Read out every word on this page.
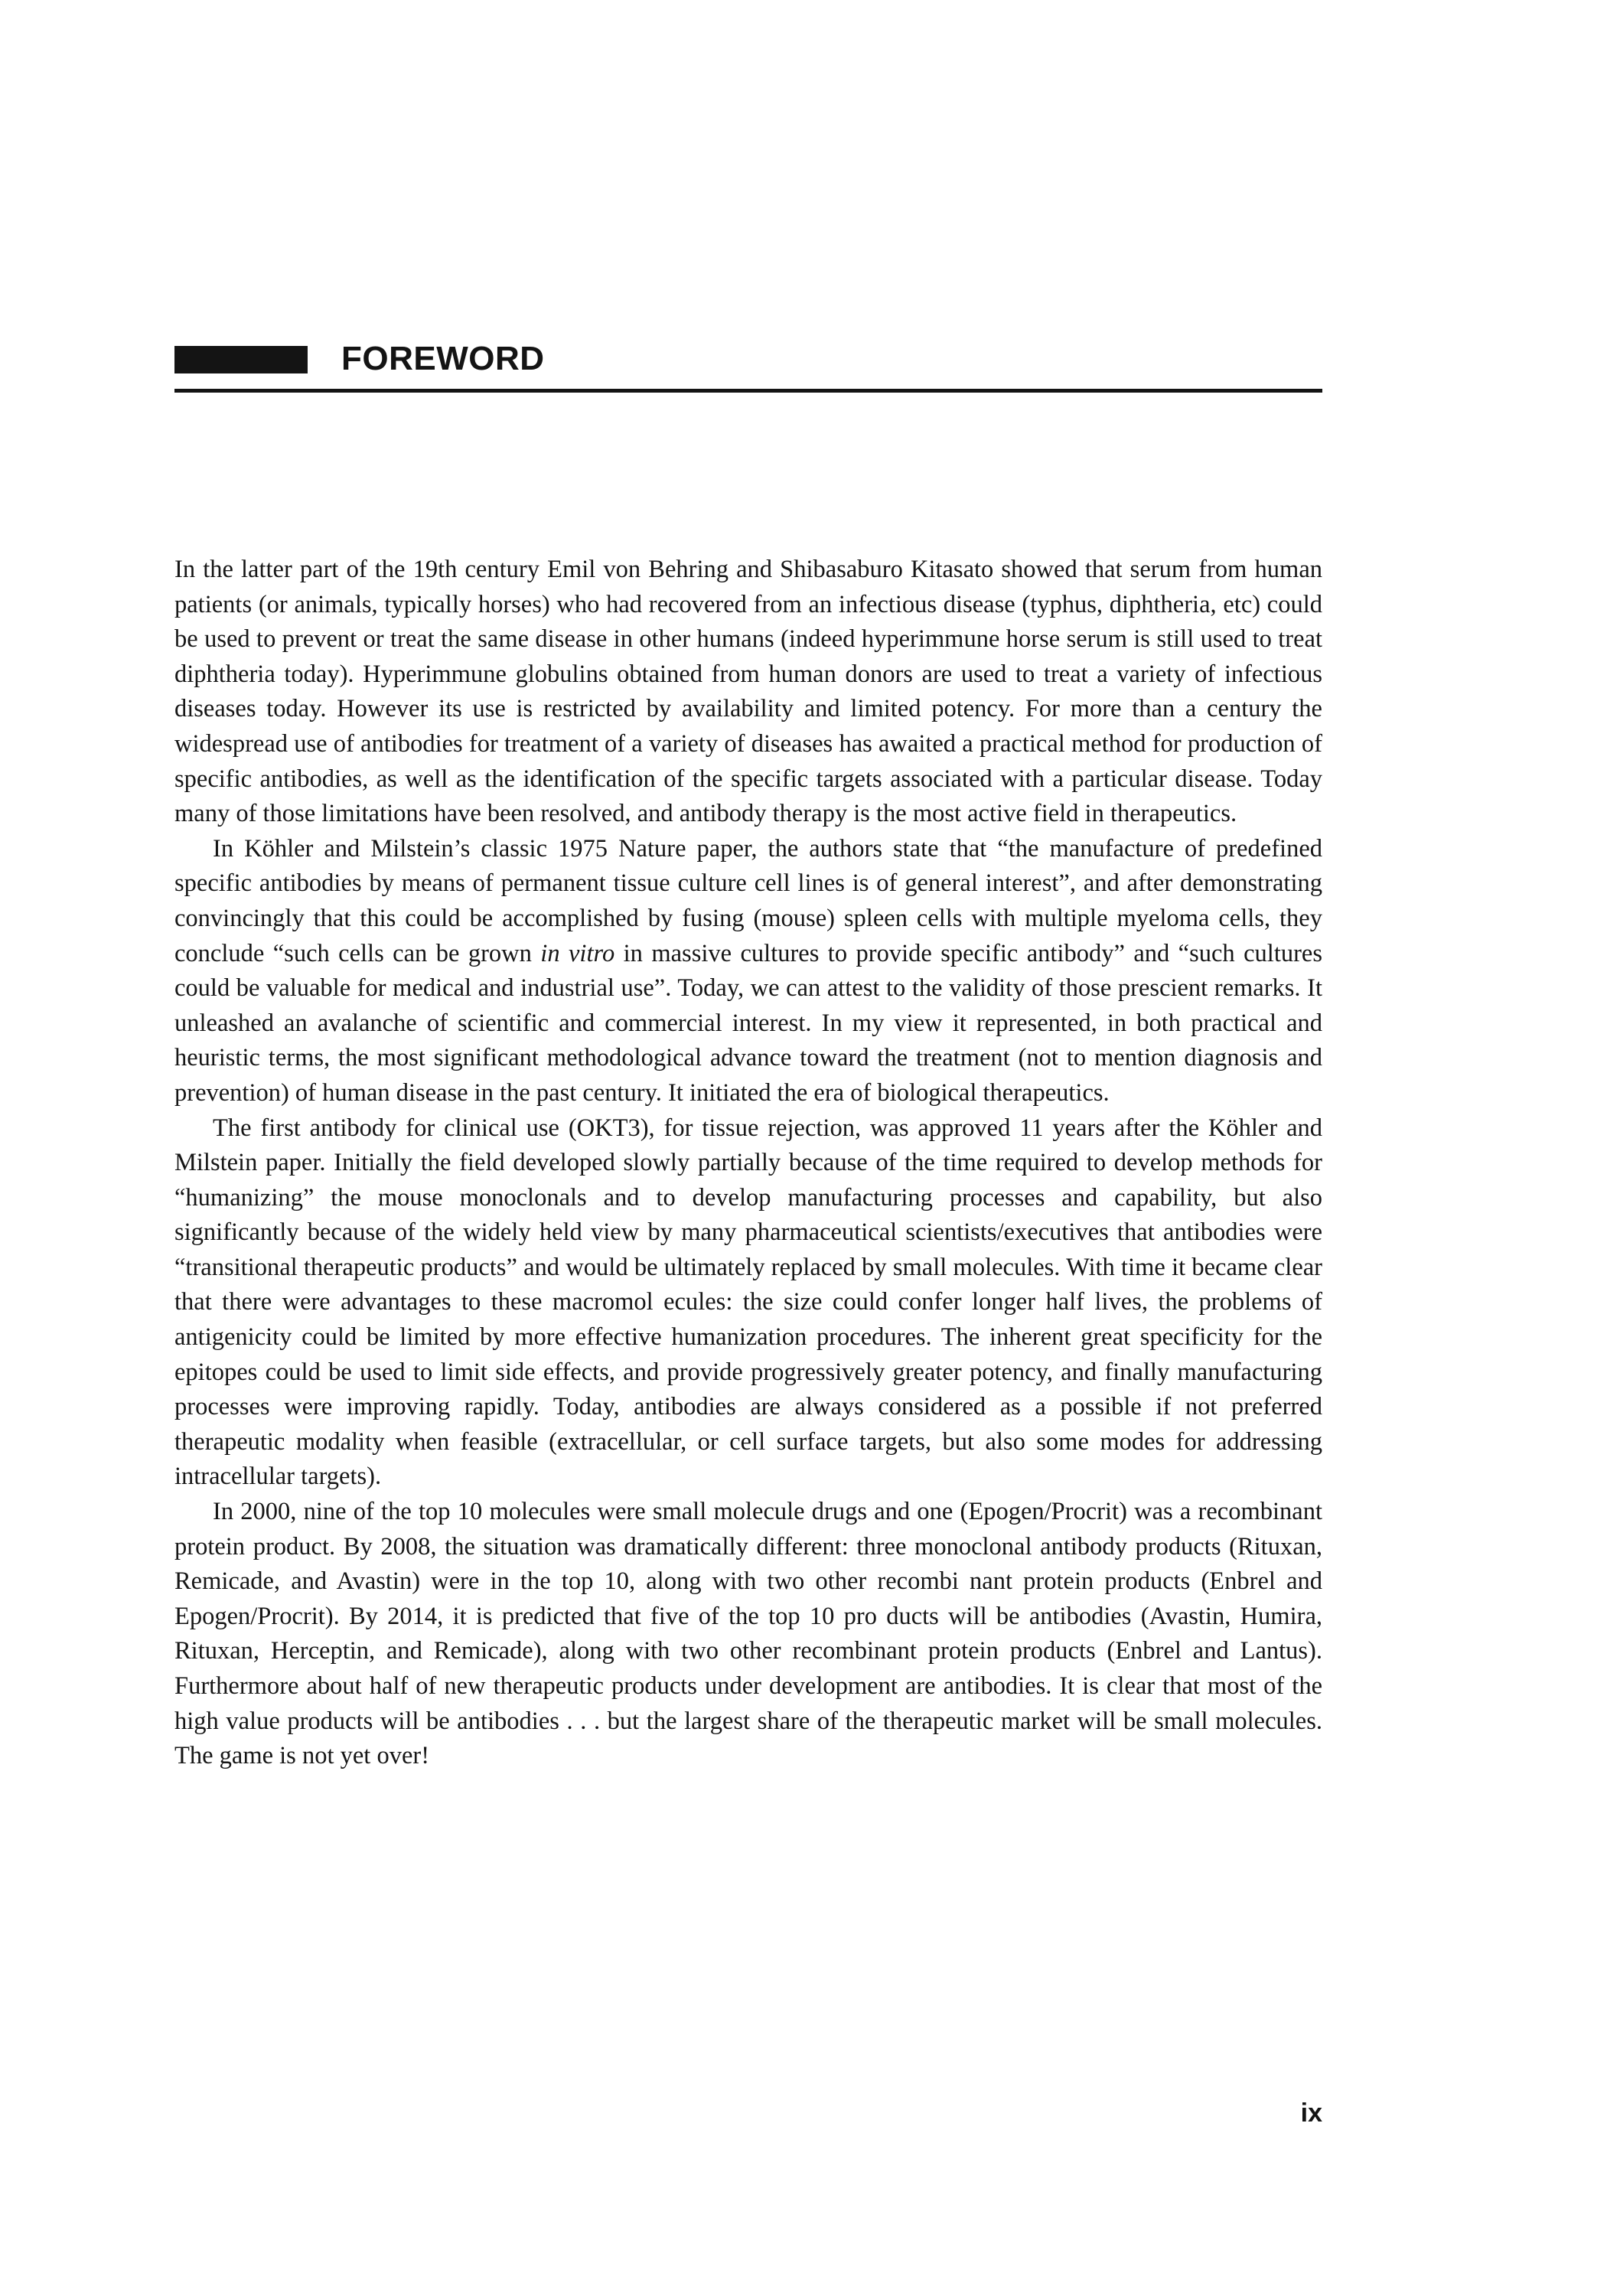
FOREWORD

In the latter part of the 19th century Emil von Behring and Shibasaburo Kitasato showed that serum from human patients (or animals, typically horses) who had recovered from an infectious disease (typhus, diphtheria, etc) could be used to prevent or treat the same disease in other humans (indeed hyperimmune horse serum is still used to treat diphtheria today). Hyperimmune globulins obtained from human donors are used to treat a variety of infectious diseases today. However its use is restricted by availability and limited potency. For more than a century the widespread use of antibodies for treatment of a variety of diseases has awaited a practical method for production of specific antibodies, as well as the identification of the specific targets associated with a particular disease. Today many of those limitations have been resolved, and antibody therapy is the most active field in therapeutics.

In Köhler and Milstein’s classic 1975 Nature paper, the authors state that “the manufacture of predefined specific antibodies by means of permanent tissue culture cell lines is of general interest”, and after demonstrating convincingly that this could be accomplished by fusing (mouse) spleen cells with multiple myeloma cells, they conclude “such cells can be grown in vitro in massive cultures to provide specific antibody” and “such cultures could be valuable for medical and industrial use”. Today, we can attest to the validity of those prescient remarks. It unleashed an avalanche of scientific and commercial interest. In my view it represented, in both practical and heuristic terms, the most significant methodological advance toward the treatment (not to mention diagnosis and prevention) of human disease in the past century. It initiated the era of biological therapeutics.

The first antibody for clinical use (OKT3), for tissue rejection, was approved 11 years after the Köhler and Milstein paper. Initially the field developed slowly partially because of the time required to develop methods for “humanizing” the mouse monoclonals and to develop manufacturing processes and capability, but also significantly because of the widely held view by many pharmaceutical scientists/executives that antibodies were “transitional therapeutic products” and would be ultimately replaced by small molecules. With time it became clear that there were advantages to these macromol ecules: the size could confer longer half lives, the problems of antigenicity could be limited by more effective humanization procedures. The inherent great specificity for the epitopes could be used to limit side effects, and provide progressively greater potency, and finally manufacturing processes were improving rapidly. Today, antibodies are always considered as a possible if not preferred therapeutic modality when feasible (extracellular, or cell surface targets, but also some modes for addressing intracellular targets).

In 2000, nine of the top 10 molecules were small molecule drugs and one (Epogen/Procrit) was a recombinant protein product. By 2008, the situation was dramatically different: three monoclonal antibody products (Rituxan, Remicade, and Avastin) were in the top 10, along with two other recombi nant protein products (Enbrel and Epogen/Procrit). By 2014, it is predicted that five of the top 10 pro ducts will be antibodies (Avastin, Humira, Rituxan, Herceptin, and Remicade), along with two other recombinant protein products (Enbrel and Lantus). Furthermore about half of new therapeutic products under development are antibodies. It is clear that most of the high value products will be antibodies . . . but the largest share of the therapeutic market will be small molecules. The game is not yet over!

ix
